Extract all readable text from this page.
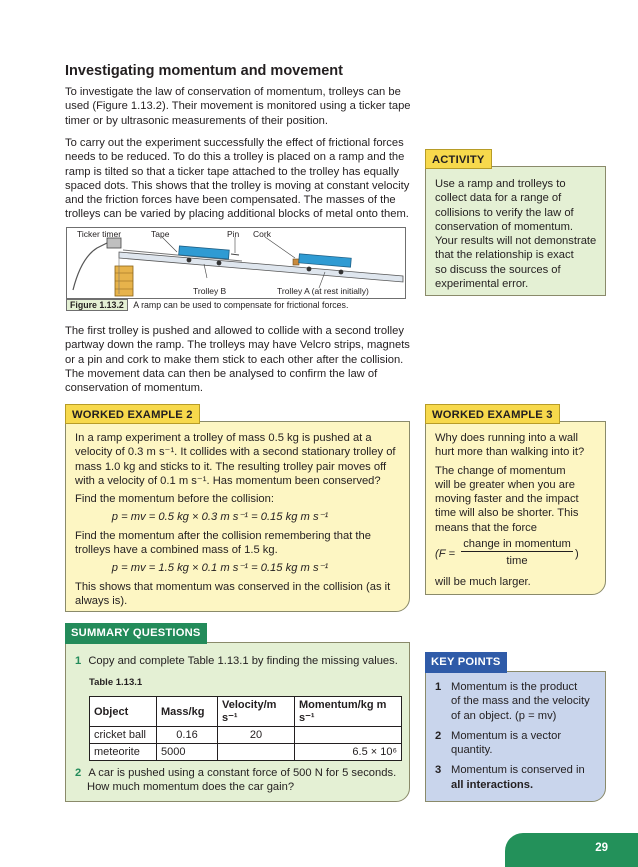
Investigating momentum and movement
To investigate the law of conservation of momentum, trolleys can be
used (Figure 1.13.2). Their movement is monitored using a ticker tape
timer or by ultrasonic measurements of their position.
To carry out the experiment successfully the effect of frictional forces
needs to be reduced. To do this a trolley is placed on a ramp and the
ramp is tilted so that a ticker tape attached to the trolley has equally
spaced dots. This shows that the trolley is moving at constant velocity
and the friction forces have been compensated. The masses of the
trolleys can be varied by placing additional blocks of metal onto them.
Ticker timer	Tape	Pin Cork
Trolley B	Trolley A (at rest initially)
Figure 1.13.2 A ramp can be used to compensate for frictional forces.
The first trolley is pushed and allowed to collide with a second trolley
partway down the ramp. The trolleys may have Velcro strips, magnets
or a pin and cork to make them stick to each other after the collision.
The movement data can then be analysed to confirm the law of
conservation of momentum.
ACTIVITY
Use a ramp and trolleys to
collect data for a range of
collisions to verify the law of
conservation of momentum.
Your results will not demonstrate
that the relationship is exact
so discuss the sources of
experimental error.
WORKED EXAMPLE 2
In a ramp experiment a trolley of mass 0.5 kg is pushed at a
velocity of 0.3 m s⁻¹. It collides with a second stationary trolley of
mass 1.0 kg and sticks to it. The resulting trolley pair moves off
with a velocity of 0.1 m s⁻¹. Has momentum been conserved?
Find the momentum before the collision:
p = mv = 0.5 kg × 0.3 m s⁻¹ = 0.15 kg m s⁻¹
Find the momentum after the collision remembering that the
trolleys have a combined mass of 1.5 kg.
p = mv = 1.5 kg × 0.1 m s⁻¹ = 0.15 kg m s⁻¹
This shows that momentum was conserved in the collision (as it
always is).
WORKED EXAMPLE 3
Why does running into a wall
hurt more than walking into it?
The change of momentum
will be greater when you are
moving faster and the impact
time will also be shorter. This
means that the force
(F =
change in momentum
time
)
will be much larger.
SUMMARY QUESTIONS
1 Copy and complete Table 1.13.1 by finding the missing values.
Table 1.13.1
Object	Mass/kg	Velocity/m s⁻¹	Momentum/kg m s⁻¹
cricket ball	0.16	20	
meteorite	5000		6.5 × 10⁶
2 A car is pushed using a constant force of 500 N for 5 seconds.
How much momentum does the car gain?
KEY POINTS
1 Momentum is the product
of the mass and the velocity
of an object. (p = mv)
2 Momentum is a vector
quantity.
3 Momentum is conserved in
all interactions.
29
